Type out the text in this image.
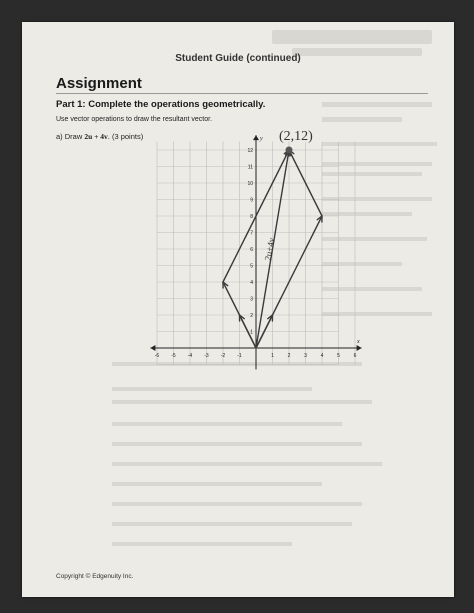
Student Guide (continued)
Assignment
Part 1: Complete the operations geometrically.
Use vector operations to draw the resultant vector.
a) Draw 2u + 4v. (3 points)
x
y
-6 -5 -4 -3 -2 -1	1	2	3	4	5	6
1
2
3
4
5
6
7
8
9
10
11
12
(2,12)
2u+4v
Copyright © Edgenuity Inc.
